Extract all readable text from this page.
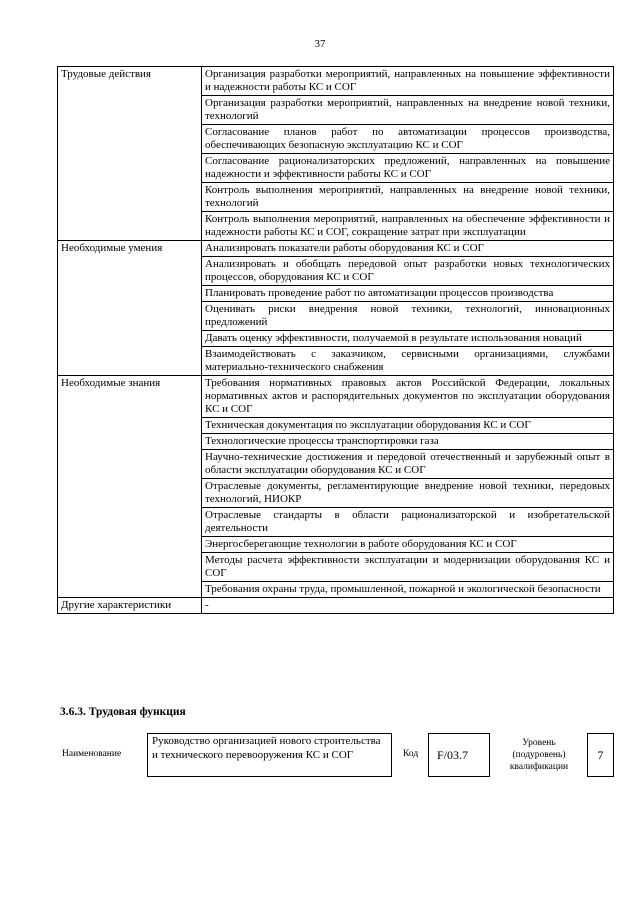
37
Трудовые действия	Организация разработки мероприятий, направленных на повышение эффективности и надежности работы КС и СОГ
	Организация разработки мероприятий, направленных на внедрение новой техники, технологий
	Согласование планов работ по автоматизации процессов производства, обеспечивающих безопасную эксплуатацию КС и СОГ
	Согласование рационализаторских предложений, направленных на повышение надежности и эффективности работы КС и СОГ
	Контроль выполнения мероприятий, направленных на внедрение новой техники, технологий
	Контроль выполнения мероприятий, направленных на обеспечение эффективности и надежности работы КС и СОГ, сокращение затрат при эксплуатации
Необходимые умения	Анализировать показатели работы оборудования КС и СОГ
	Анализировать и обобщать передовой опыт разработки новых технологических процессов, оборудования КС и СОГ
	Планировать проведение работ по автоматизации процессов производства
	Оценивать риски внедрения новой техники, технологий, инновационных предложений
	Давать оценку эффективности, получаемой в результате использования новаций
	Взаимодействовать с заказчиком, сервисными организациями, службами материально-технического снабжения
Необходимые знания	Требования нормативных правовых актов Российской Федерации, локальных нормативных актов и распорядительных документов по эксплуатации оборудования КС и СОГ
	Техническая документация по эксплуатации оборудования КС и СОГ
	Технологические процессы транспортировки газа
	Научно-технические достижения и передовой отечественный и зарубежный опыт в области эксплуатации оборудования КС и СОГ
	Отраслевые документы, регламентирующие внедрение новой техники, передовых технологий, НИОКР
	Отраслевые стандарты в области рационализаторской и изобретательской деятельности
	Энергосберегающие технологии в работе оборудования КС и СОГ
	Методы расчета эффективности эксплуатации и модернизации оборудования КС и СОГ
	Требования охраны труда, промышленной, пожарной и экологической безопасности
Другие характеристики	-
3.6.3. Трудовая функция
Наименование
Руководство организацией нового строительства и технического перевооружения КС и СОГ	Код	F/03.7
Уровень (подуровень) квалификации
7
